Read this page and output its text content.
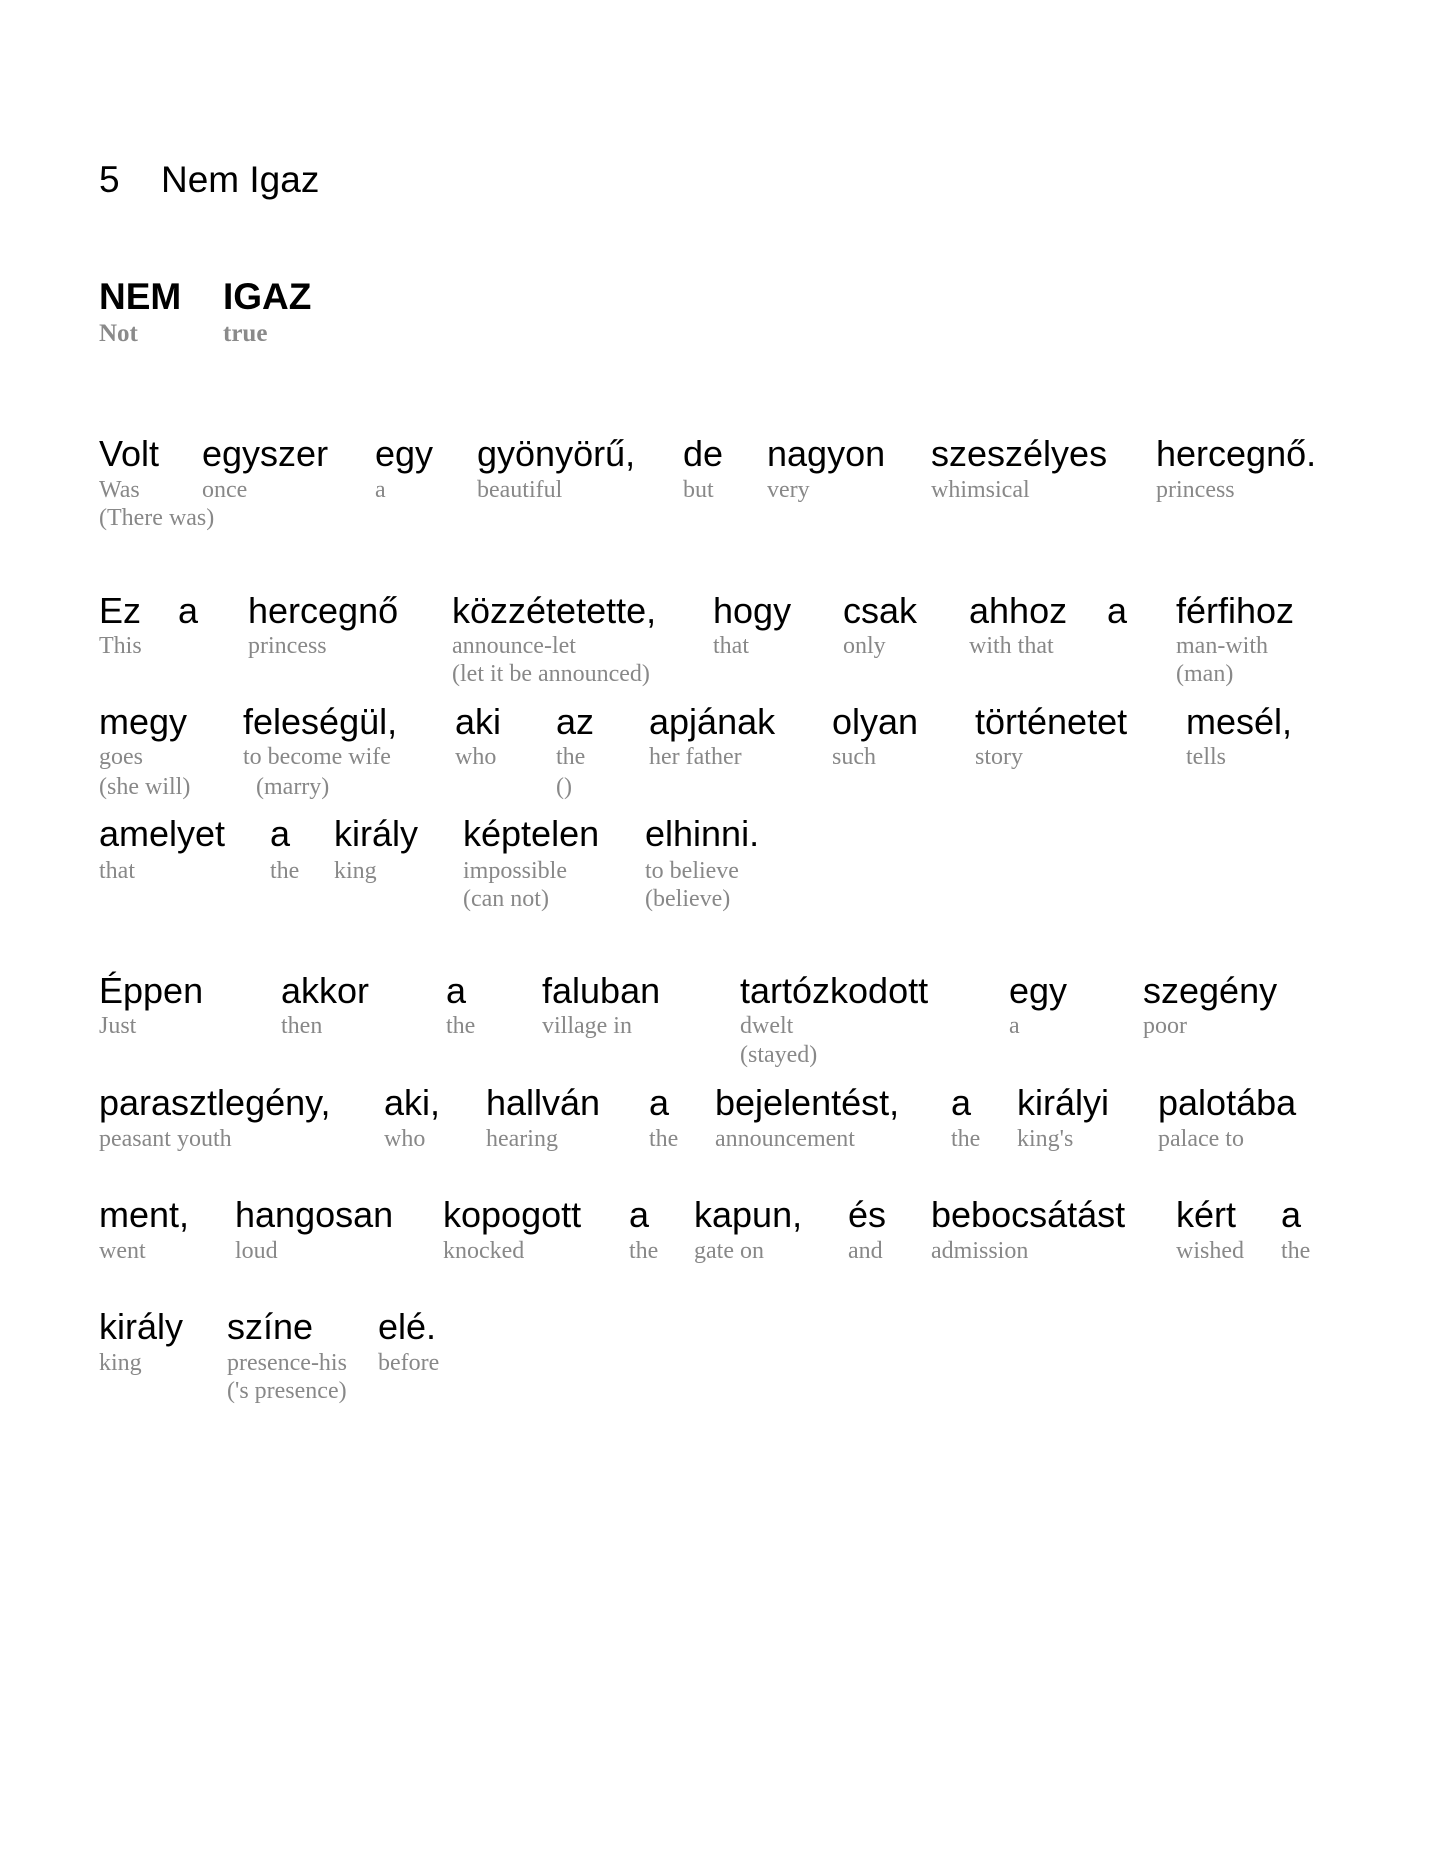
5 Nem Igaz
NEM
Not
IGAZ
true
Volt
Was
(There was)
egyszer
once
egy
a
gyönyörű,
beautiful
de
but
nagyon
very
szeszélyes
whimsical
hercegnő.
princess
Ez
This
a hercegnő
princess
közzétetette,
announce-let
(let it be announced)
hogy
that
csak
only
ahhoz
with that
a férfihoz
man-with
(man)
megy
goes
(she will)
feleségül,
to become wife
(marry)
aki
who
az
the
()
apjának
her father
olyan
such
történetet
story
mesél,
tells
amelyet
that
a
the
király
king
képtelen
impossible
(can not)
elhinni.
to believe
(believe)
Éppen
Just
akkor
then
a
the
faluban
village in
tartózkodott
dwelt
(stayed)
egy
a
szegény
poor
parasztlegény,
peasant youth
aki,
who
hallván
hearing
a
the
bejelentést,
announcement
a
the
királyi
king's
palotába
palace to
ment,
went
hangosan
loud
kopogott
knocked
a
the
kapun,
gate on
és
and
bebocsátást
admission
kért
wished
a
the
király
king
színe
presence-his
('s presence)
elé.
before
